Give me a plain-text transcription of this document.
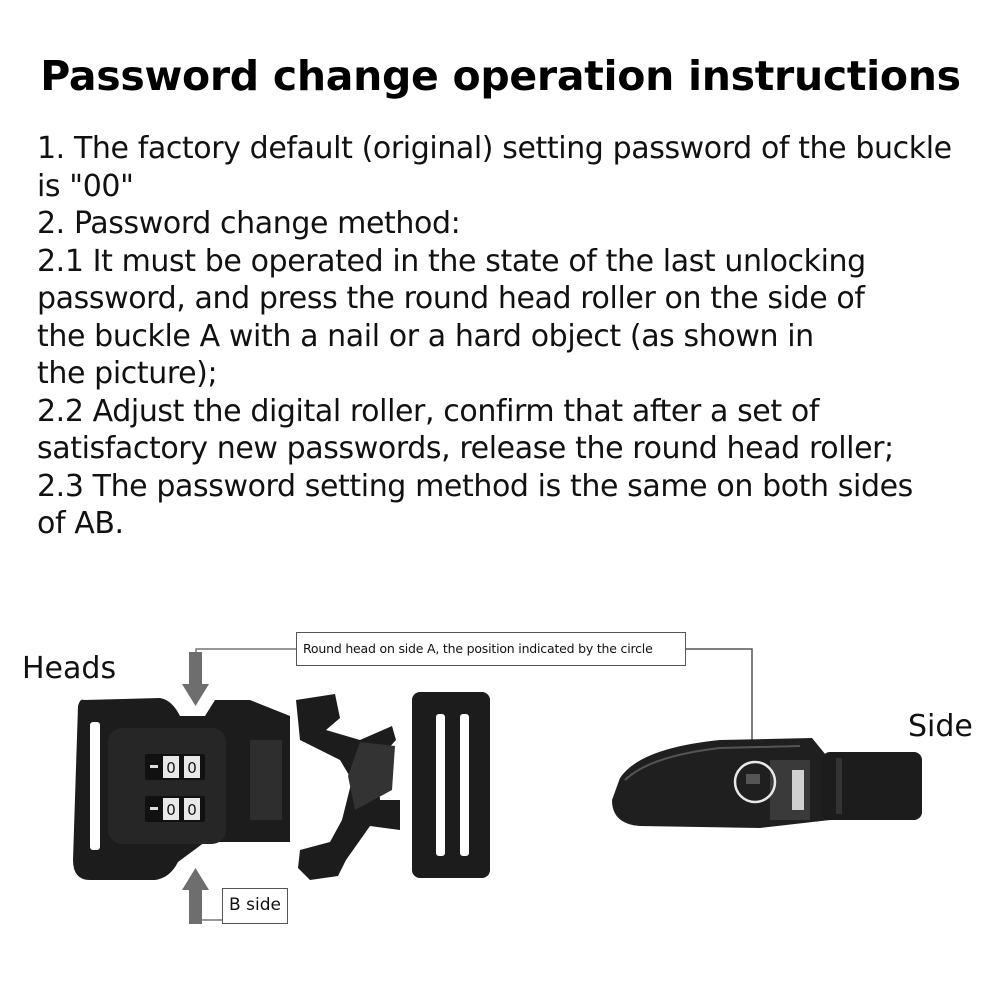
Password change operation instructions
1. The factory default (original) setting password of the buckle
is "00"
2. Password change method:
2.1 It must be operated in the state of the last unlocking
password, and press the round head roller on the side of
the buckle A with a nail or a hard object (as shown in
the picture);
2.2 Adjust the digital roller, confirm that after a set of
satisfactory new passwords, release the round head roller;
2.3 The password setting method is the same on both sides
of AB.
0 0
0 0
Heads
Side
Round head on side A, the position indicated by the circle
B side
